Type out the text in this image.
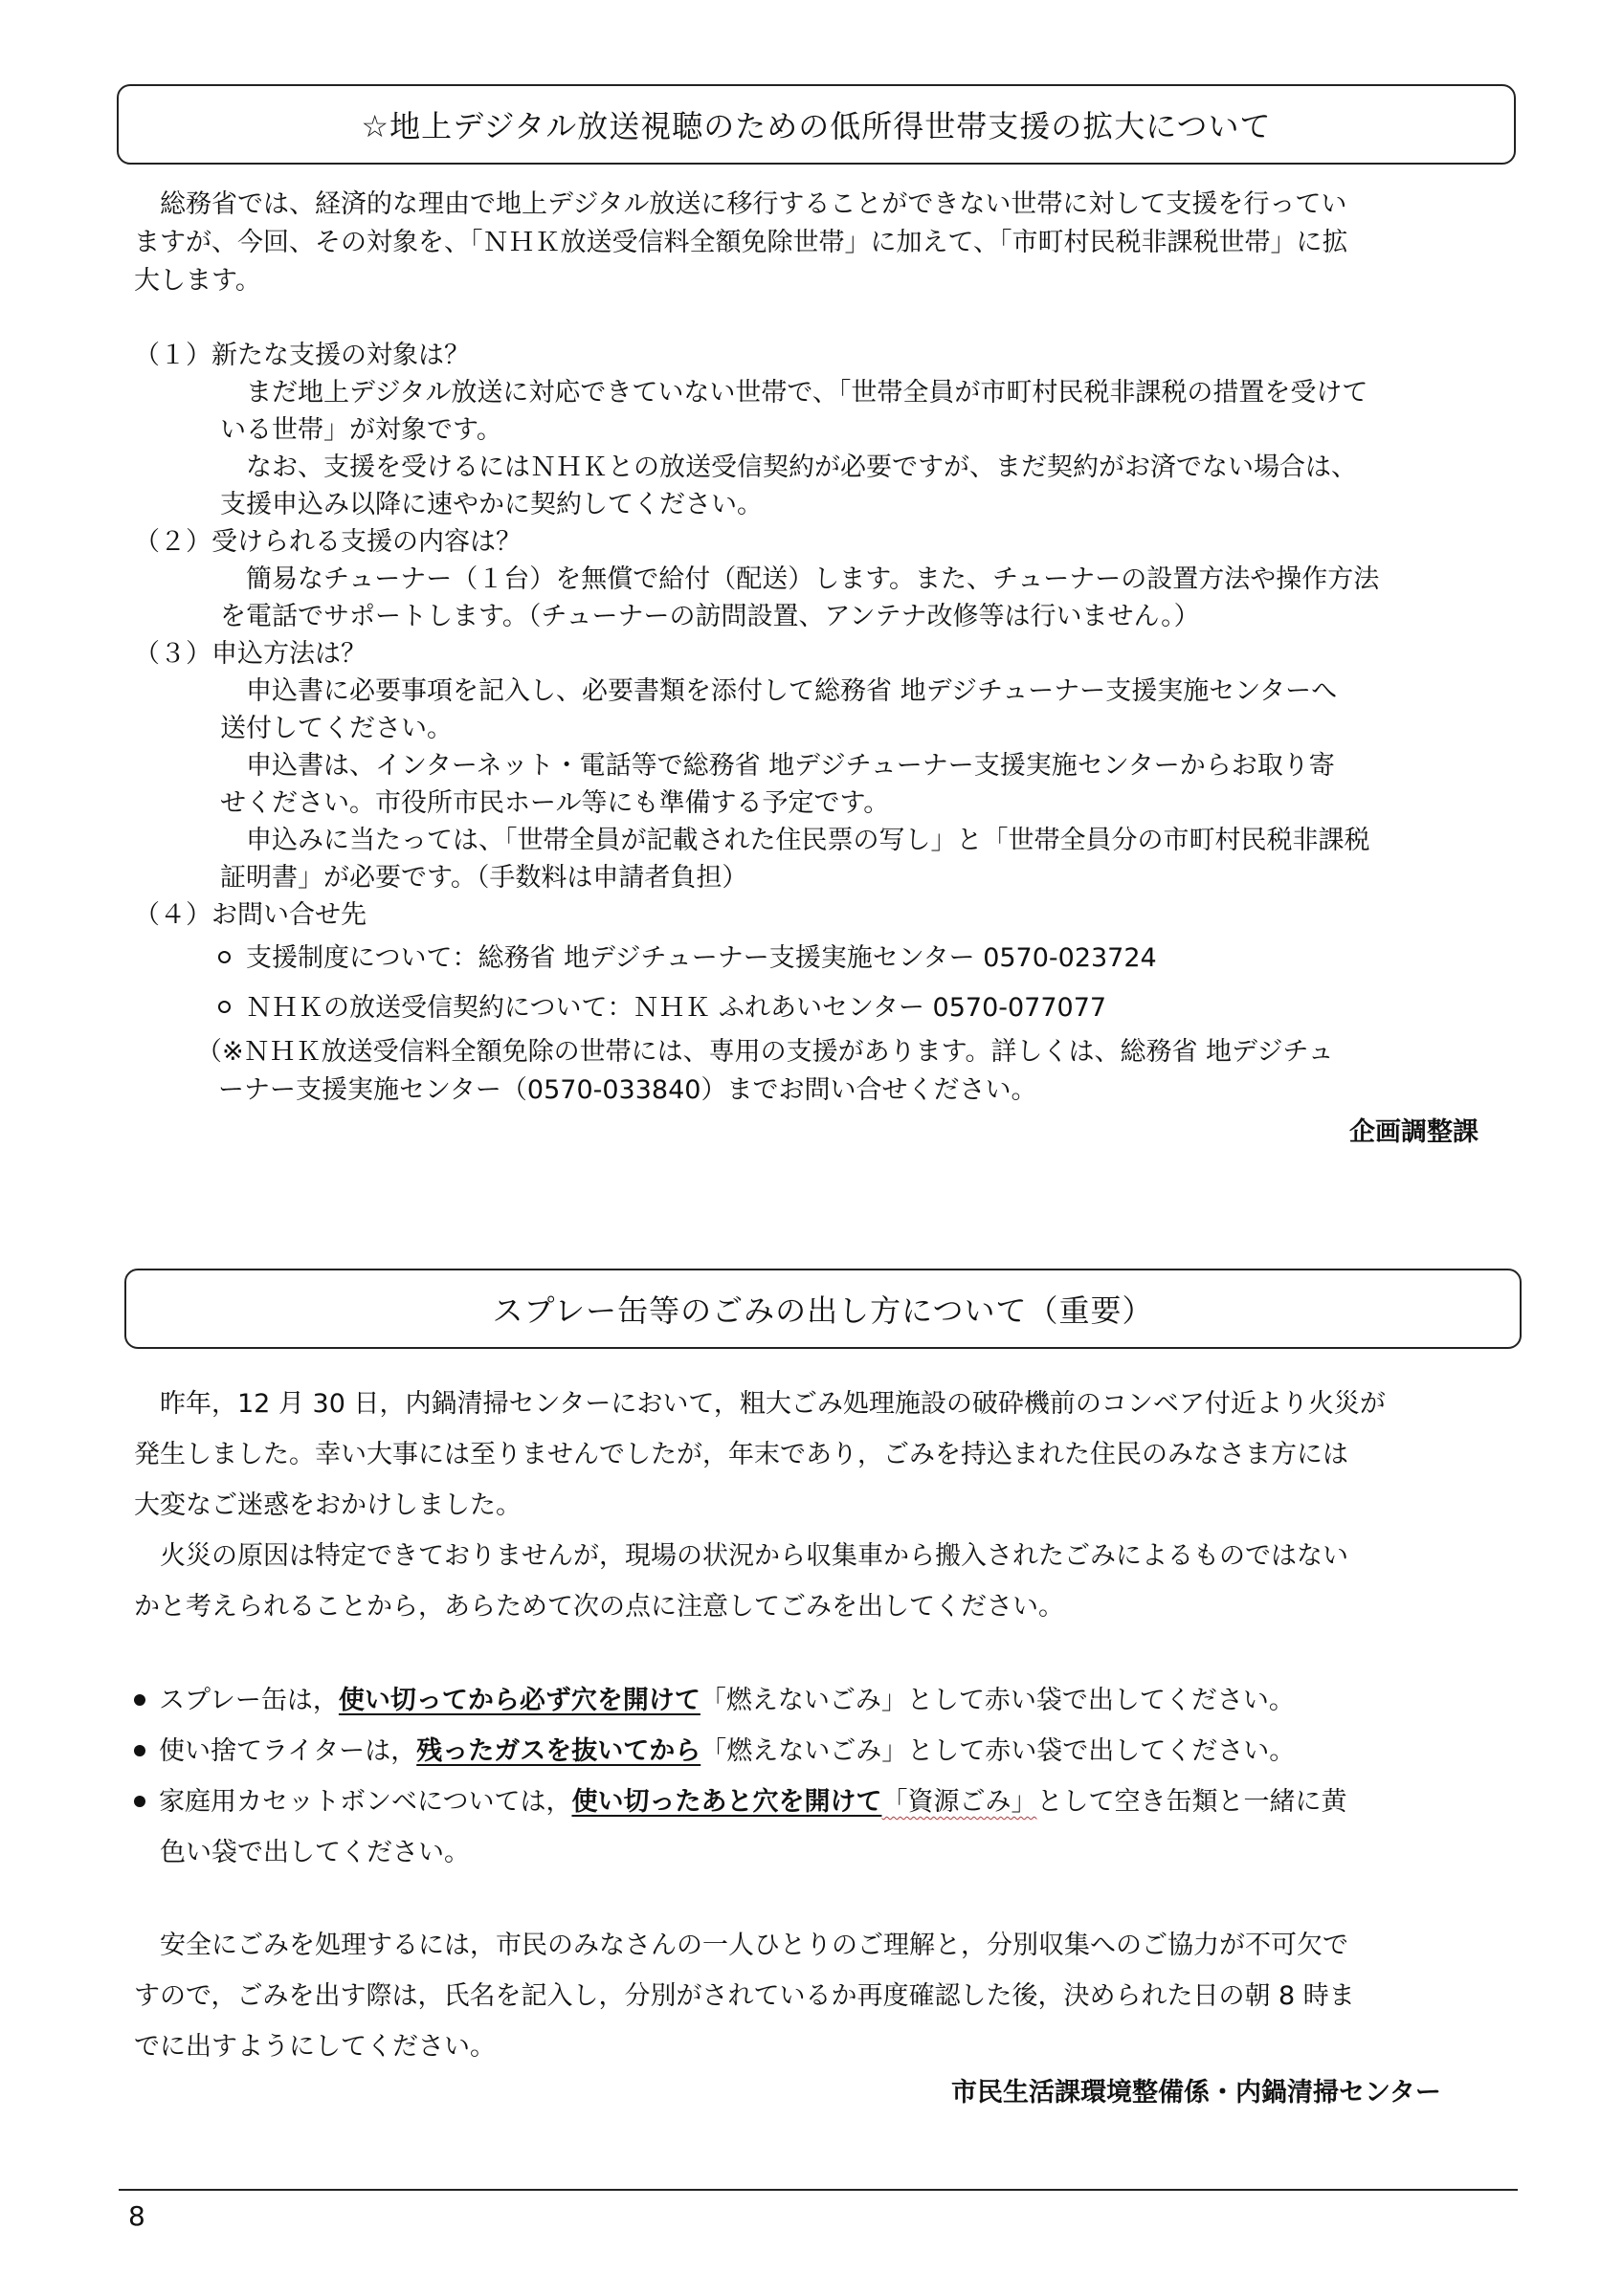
☆地上デジタル放送視聴のための低所得世帯支援の拡大について
　総務省では、経済的な理由で地上デジタル放送に移行することができない世帯に対して支援を行ってい
ますが、今回、その対象を、「ＮＨＫ放送受信料全額免除世帯」に加えて、「市町村民税非課税世帯」に拡
大します。
（１）新たな支援の対象は？
　まだ地上デジタル放送に対応できていない世帯で、「世帯全員が市町村民税非課税の措置を受けて
いる世帯」が対象です。
　なお、支援を受けるにはＮＨＫとの放送受信契約が必要ですが、まだ契約がお済でない場合は、
支援申込み以降に速やかに契約してください。
（２）受けられる支援の内容は？
　簡易なチューナー（１台）を無償で給付（配送）します。また、チューナーの設置方法や操作方法
を電話でサポートします。（チューナーの訪問設置、アンテナ改修等は行いません。）
（３）申込方法は？
　申込書に必要事項を記入し、必要書類を添付して総務省 地デジチューナー支援実施センターへ
送付してください。
　申込書は、インターネット・電話等で総務省 地デジチューナー支援実施センターからお取り寄
せください。市役所市民ホール等にも準備する予定です。
　申込みに当たっては、「世帯全員が記載された住民票の写し」と「世帯全員分の市町村民税非課税
証明書」が必要です。（手数料は申請者負担）
（４）お問い合せ先
支援制度について：総務省 地デジチューナー支援実施センター 0570-023724
ＮＨＫの放送受信契約について：ＮＨＫ ふれあいセンター 0570-077077
（※ＮＨＫ放送受信料全額免除の世帯には、専用の支援があります。詳しくは、総務省 地デジチュ
ーナー支援実施センター（0570-033840）までお問い合せください。
企画調整課
スプレー缶等のごみの出し方について（重要）
　昨年，12 月 30 日，内鍋清掃センターにおいて，粗大ごみ処理施設の破砕機前のコンベア付近より火災が
発生しました。幸い大事には至りませんでしたが，年末であり，ごみを持込まれた住民のみなさま方には
大変なご迷惑をおかけしました。
　火災の原因は特定できておりませんが，現場の状況から収集車から搬入されたごみによるものではない
かと考えられることから，あらためて次の点に注意してごみを出してください。
スプレー缶は，使い切ってから必ず穴を開けて「燃えないごみ」として赤い袋で出してください。
使い捨てライターは，残ったガスを抜いてから「燃えないごみ」として赤い袋で出してください。
家庭用カセットボンベについては，使い切ったあと穴を開けて「資源ごみ」として空き缶類と一緒に黄
色い袋で出してください。
　安全にごみを処理するには，市民のみなさんの一人ひとりのご理解と，分別収集へのご協力が不可欠で
すので，ごみを出す際は，氏名を記入し，分別がされているか再度確認した後，決められた日の朝 8 時ま
でに出すようにしてください。
市民生活課環境整備係・内鍋清掃センター
8
